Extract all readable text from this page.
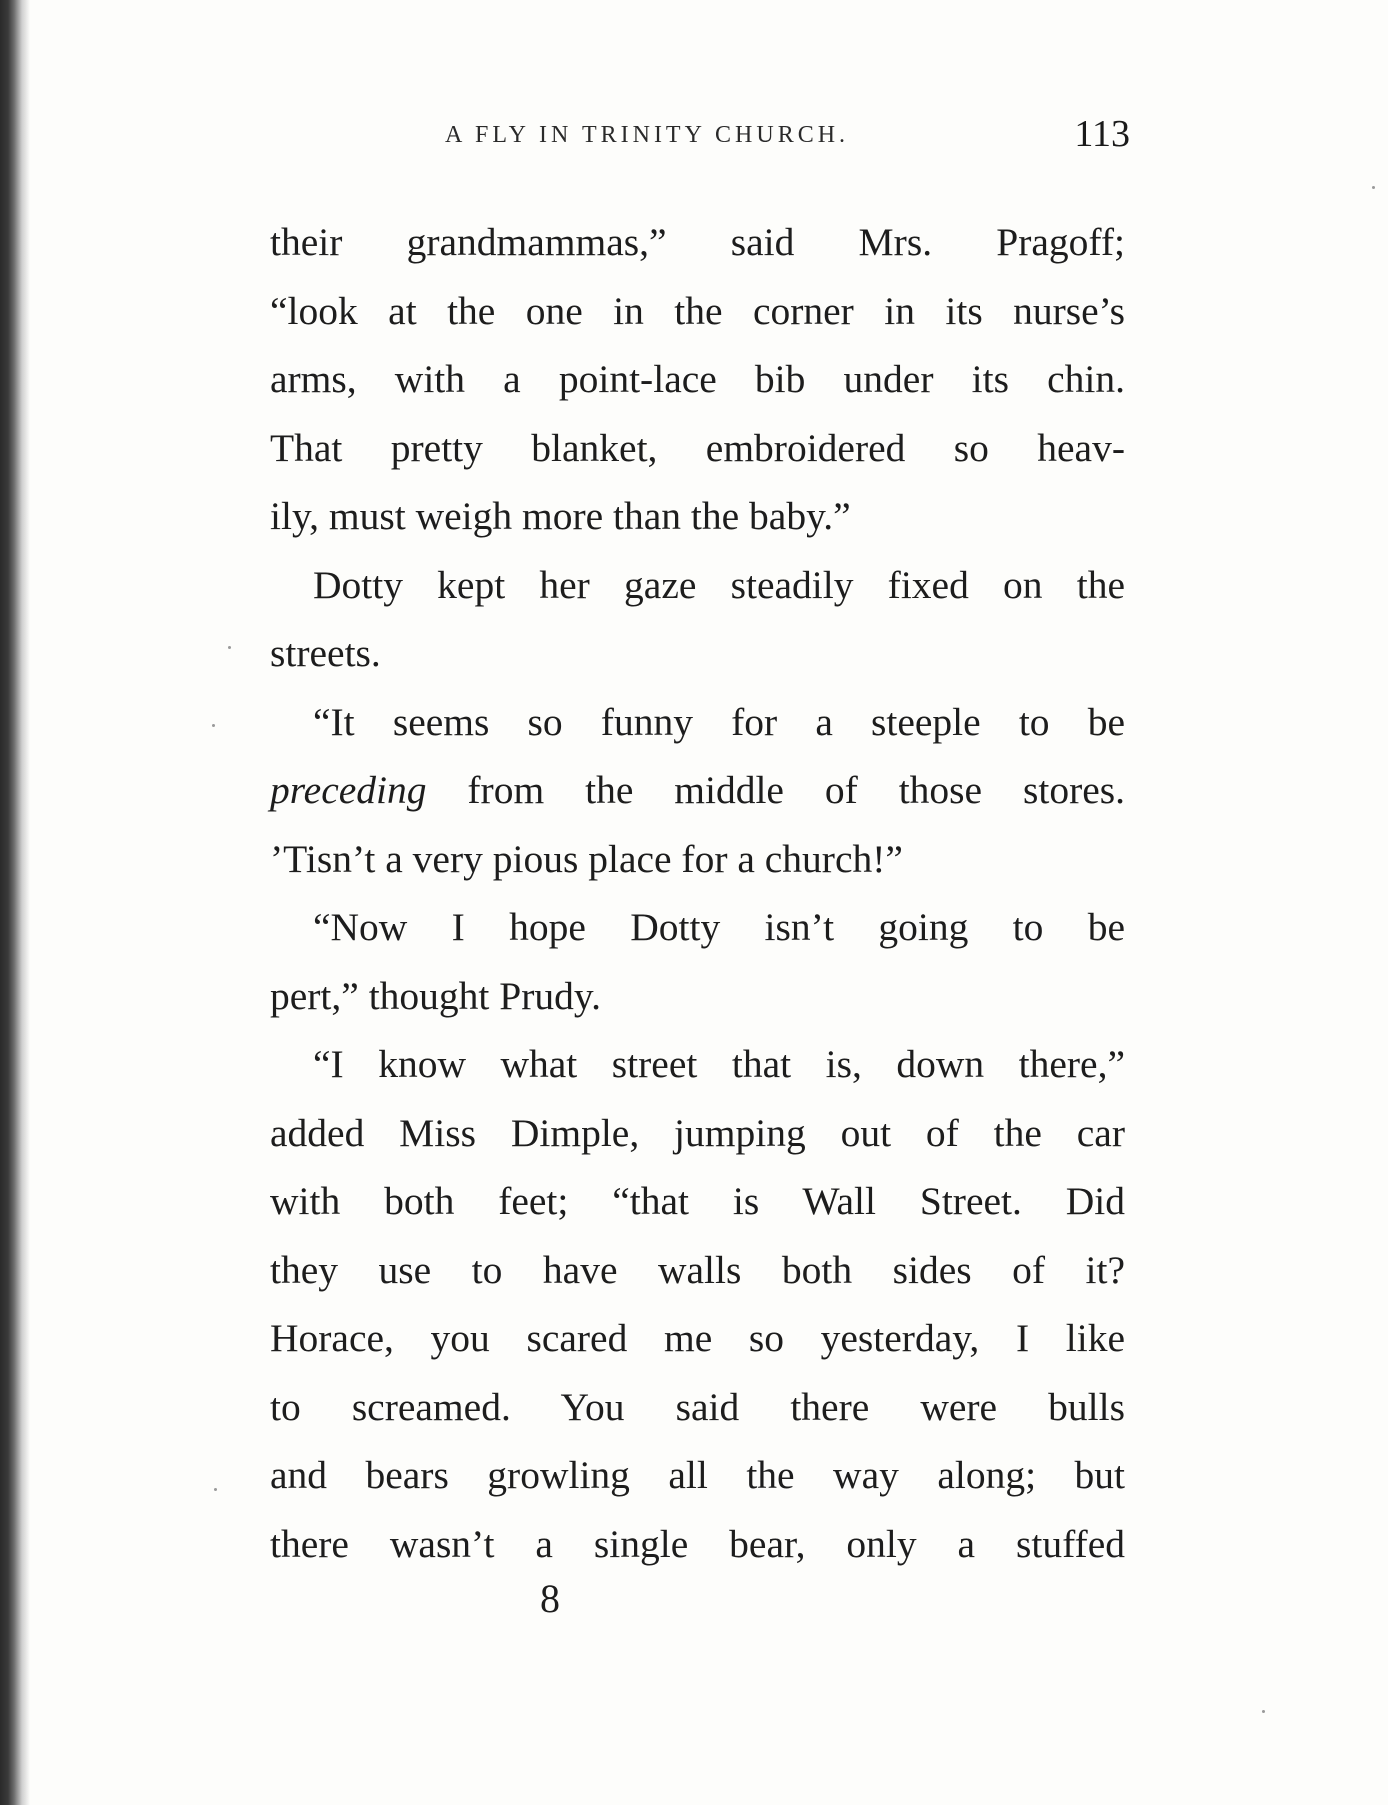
A FLY IN TRINITY CHURCH.	113
their grandmammas,” said Mrs. Pragoff;
“look at the one in the corner in its nurse’s
arms, with a point-lace bib under its chin.
That pretty blanket, embroidered so heav-
ily, must weigh more than the baby.”
Dotty kept her gaze steadily fixed on the
streets.
“It seems so funny for a steeple to be
preceding from the middle of those stores.
’Tisn’t a very pious place for a church!”
“Now I hope Dotty isn’t going to be
pert,” thought Prudy.
“I know what street that is, down there,”
added Miss Dimple, jumping out of the car
with both feet; “that is Wall Street. Did
they use to have walls both sides of it?
Horace, you scared me so yesterday, I like
to screamed. You said there were bulls
and bears growling all the way along; but
there wasn’t a single bear, only a stuffed
8
